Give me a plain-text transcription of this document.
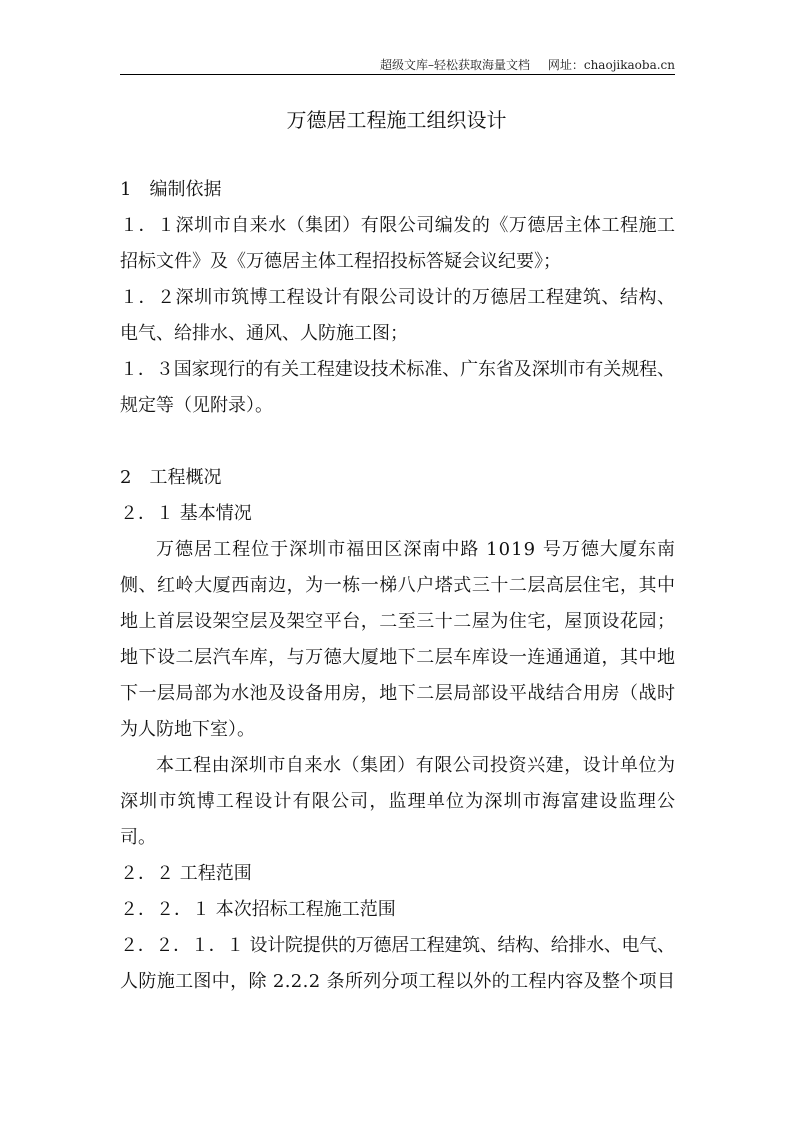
超级文库–轻松获取海量文档 网址：chaojikaoba.cn
万德居工程施工组织设计
1　编制依据
１．１深圳市自来水（集团）有限公司编发的《万德居主体工程施工
招标文件》及《万德居主体工程招投标答疑会议纪要》；
１．２深圳市筑博工程设计有限公司设计的万德居工程建筑、结构、
电气、给排水、通风、人防施工图；
１．３国家现行的有关工程建设技术标准、广东省及深圳市有关规程、
规定等（见附录）。
2　工程概况
２．１ 基本情况
万德居工程位于深圳市福田区深南中路 1019 号万德大厦东南
侧、红岭大厦西南边，为一栋一梯八户塔式三十二层高层住宅，其中
地上首层设架空层及架空平台，二至三十二屋为住宅，屋顶设花园；
地下设二层汽车库，与万德大厦地下二层车库设一连通通道，其中地
下一层局部为水池及设备用房，地下二层局部设平战结合用房（战时
为人防地下室）。
本工程由深圳市自来水（集团）有限公司投资兴建，设计单位为
深圳市筑博工程设计有限公司，监理单位为深圳市海富建设监理公
司。
２．２ 工程范围
２．２．１ 本次招标工程施工范围
２．２．１．１ 设计院提供的万德居工程建筑、结构、给排水、电气、
人防施工图中，除 2.2.2 条所列分项工程以外的工程内容及整个项目
